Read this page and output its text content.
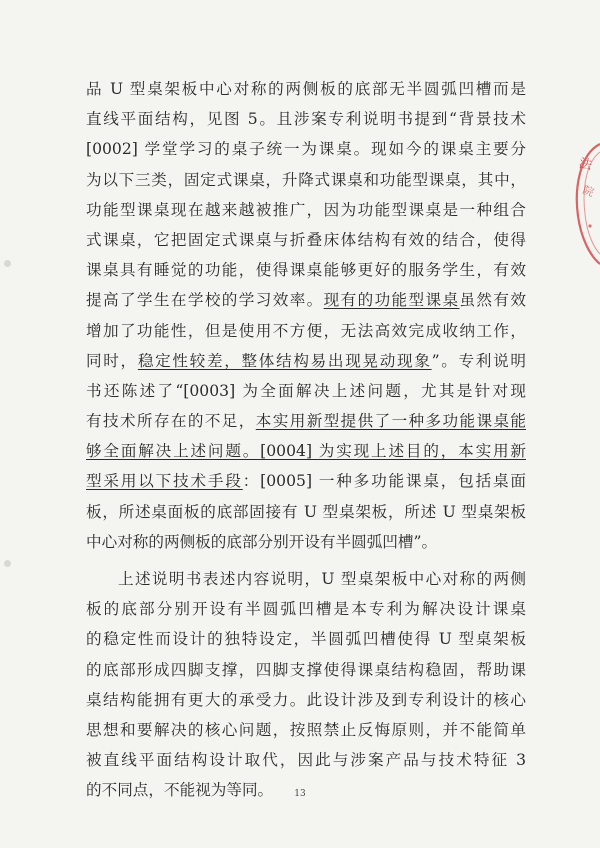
品 U 型桌架板中心对称的两侧板的底部无半圆弧凹槽而是
直线平面结构，见图 5。且涉案专利说明书提到“背景技术
[0002] 学堂学习的桌子统一为课桌。现如今的课桌主要分
为以下三类，固定式课桌，升降式课桌和功能型课桌，其中，
功能型课桌现在越来越被推广，因为功能型课桌是一种组合
式课桌，它把固定式课桌与折叠床体结构有效的结合，使得
课桌具有睡觉的功能，使得课桌能够更好的服务学生，有效
提高了学生在学校的学习效率。现有的功能型课桌虽然有效
增加了功能性，但是使用不方便，无法高效完成收纳工作，
同时，稳定性较差，整体结构易出现晃动现象”。专利说明
书还陈述了“[0003] 为全面解决上述问题，尤其是针对现
有技术所存在的不足，本实用新型提供了一种多功能课桌能
够全面解决上述问题。[0004] 为实现上述目的，本实用新
型采用以下技术手段：[0005] 一种多功能课桌，包括桌面
板，所述桌面板的底部固接有 U 型桌架板，所述 U 型桌架板
中心对称的两侧板的底部分别开设有半圆弧凹槽”。
上述说明书表述内容说明，U 型桌架板中心对称的两侧
板的底部分别开设有半圆弧凹槽是本专利为解决设计课桌
的稳定性而设计的独特设定，半圆弧凹槽使得 U 型桌架板
的底部形成四脚支撑，四脚支撑使得课桌结构稳固，帮助课
桌结构能拥有更大的承受力。此设计涉及到专利设计的核心
思想和要解决的核心问题，按照禁止反悔原则，并不能简单
被直线平面结构设计取代，因此与涉案产品与技术特征 3
的不同点，不能视为等同。	13
法
院
